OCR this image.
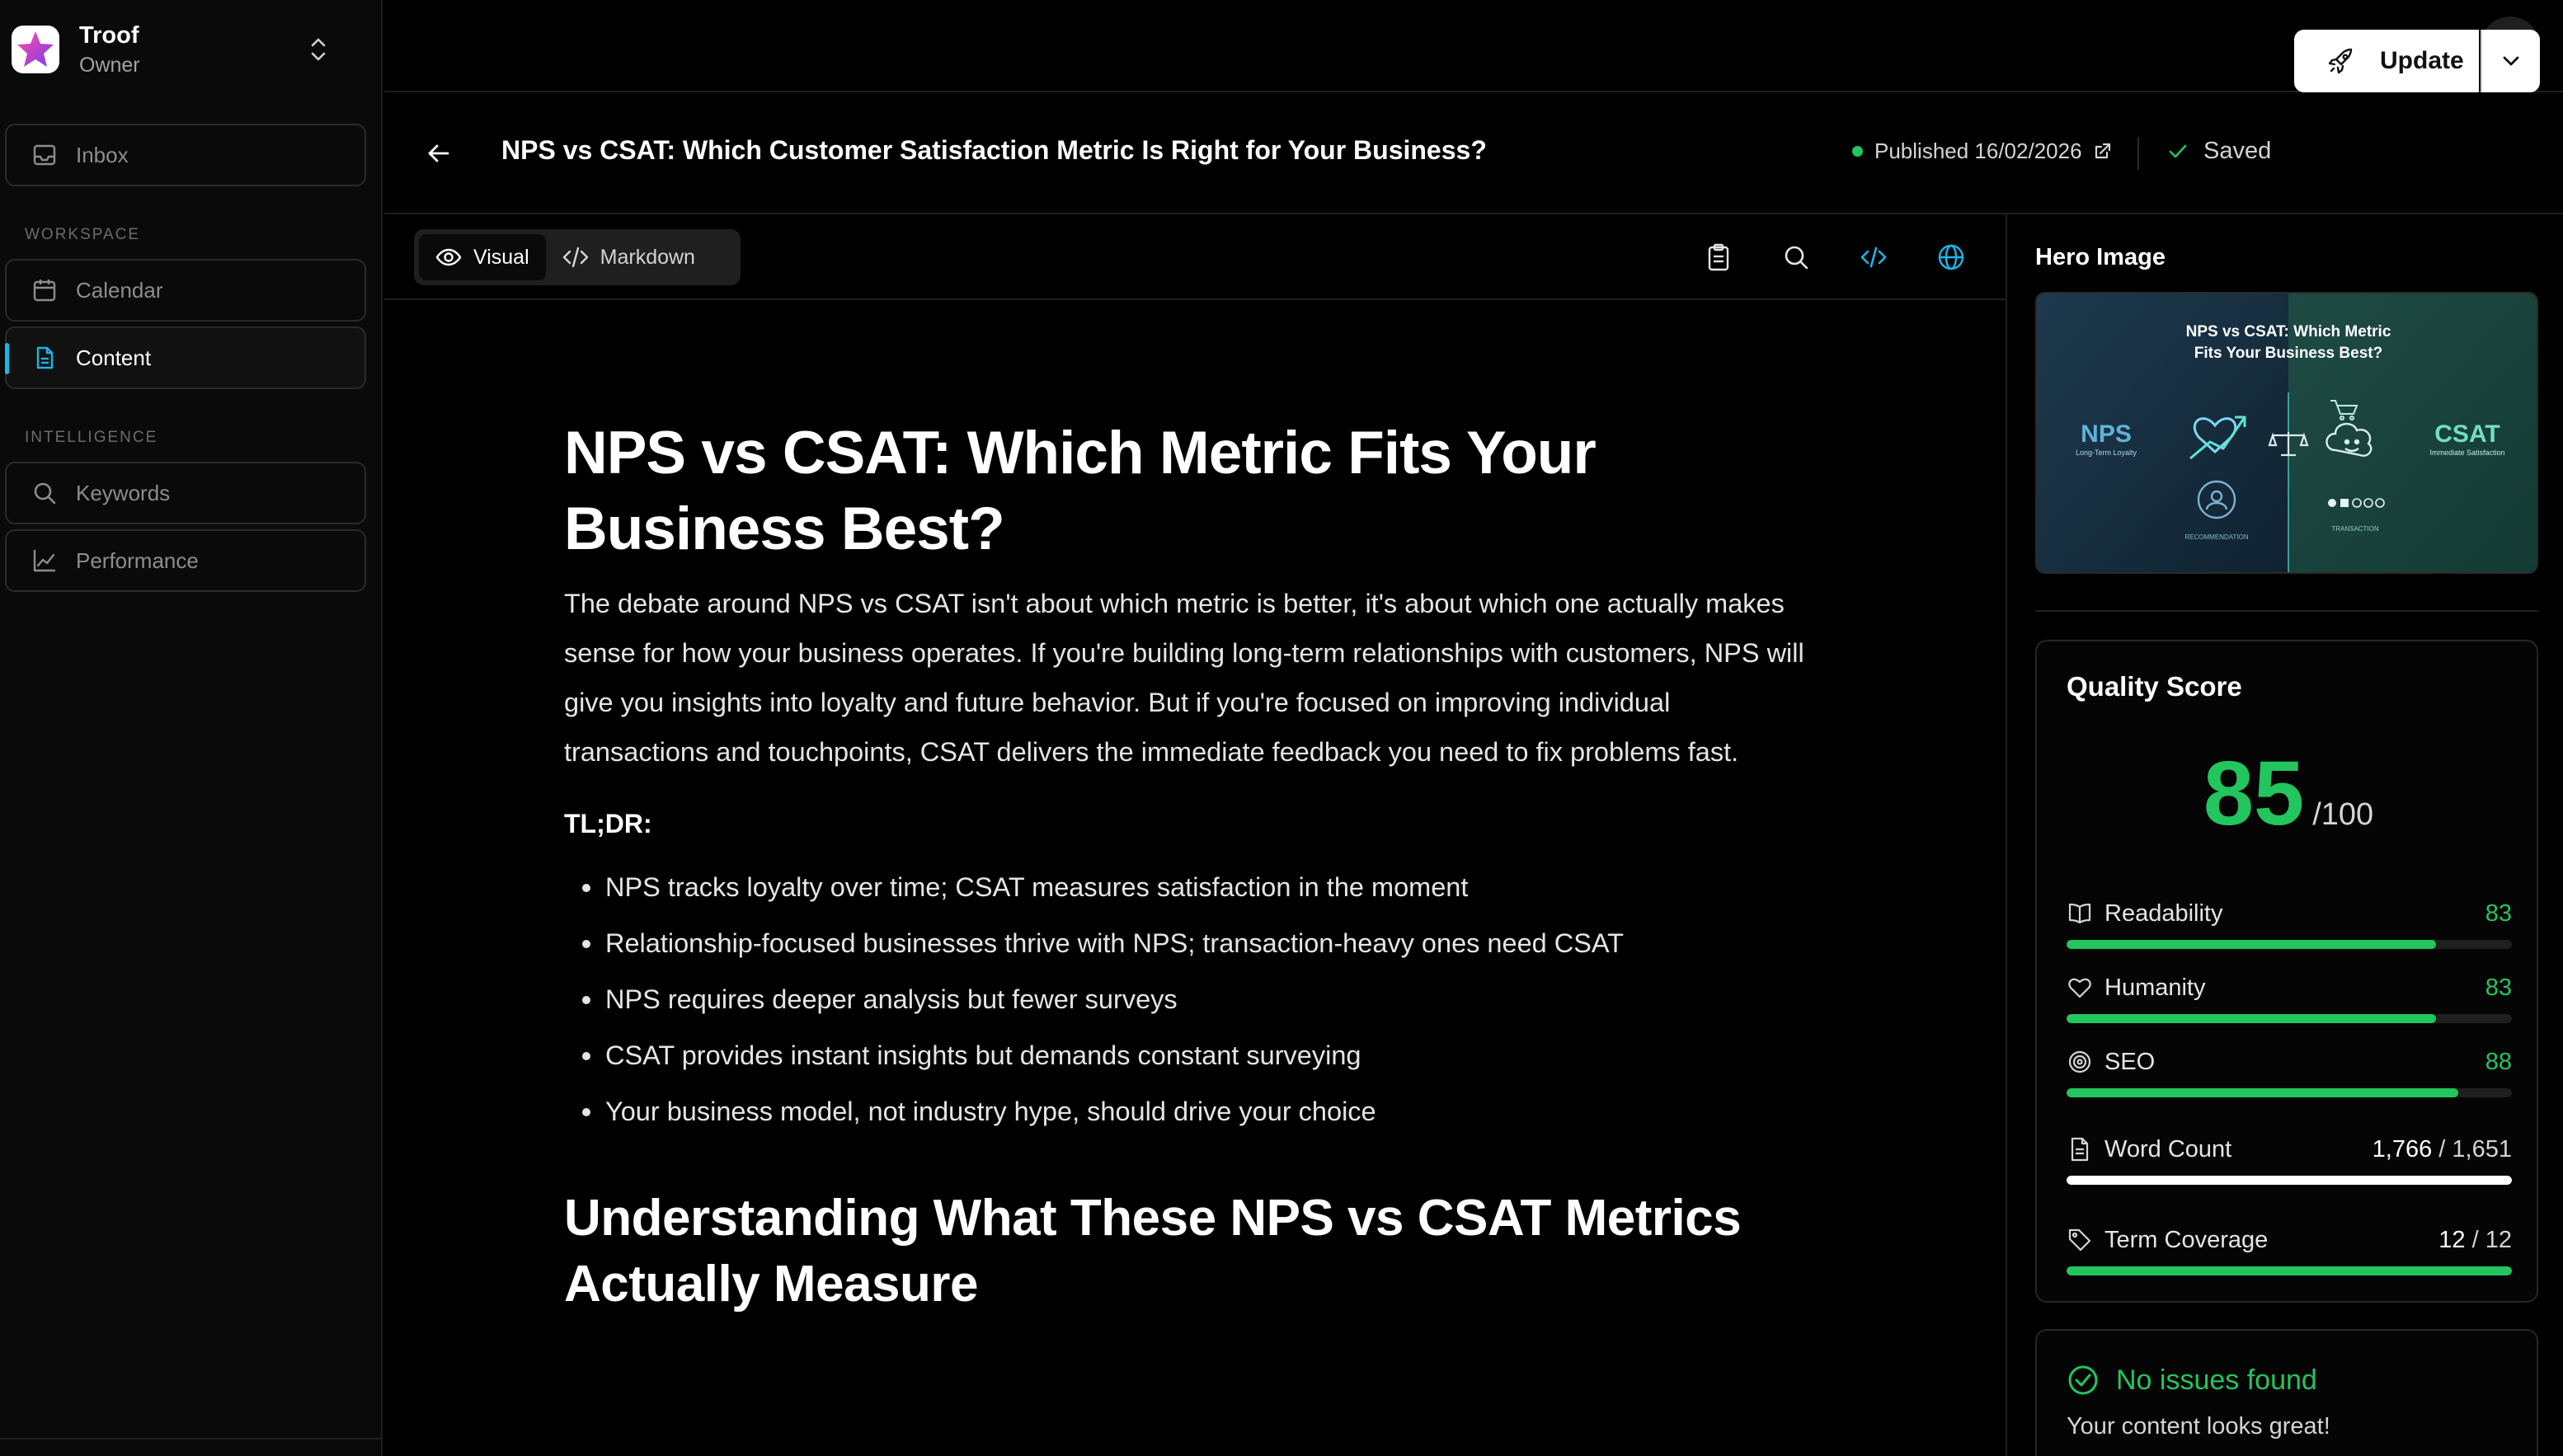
Troof
Owner
Inbox
WORKSPACE
Calendar
Content
INTELLIGENCE
Keywords
Performance
NPS vs CSAT: Which Customer Satisfaction Metric Is Right for Your Business?	Published 16/02/2026	Saved
Update
Visual	Markdown
NPS vs CSAT: Which Metric Fits Your Business Best?

The debate around NPS vs CSAT isn't about which metric is better, it's about which one actually makes sense for how your business operates. If you're building long-term relationships with customers, NPS will give you insights into loyalty and future behavior. But if you're focused on improving individual transactions and touchpoints, CSAT delivers the immediate feedback you need to fix problems fast.

TL;DR:

NPS tracks loyalty over time; CSAT measures satisfaction in the moment
Relationship-focused businesses thrive with NPS; transaction-heavy ones need CSAT
NPS requires deeper analysis but fewer surveys
CSAT provides instant insights but demands constant surveying
Your business model, not industry hype, should drive your choice
Understanding What These NPS vs CSAT Metrics Actually Measure
Hero Image
NPS vs CSAT: Which Metric
Fits Your Business Best?
NPS
Long-Term Loyalty
CSAT
Immediate Satisfaction
RECOMMENDATION
TRANSACTION
Quality Score
85 /100
Readability	83
Humanity	83
SEO	88
Word Count	1,766 / 1,651
Term Coverage	12 / 12
No issues found
Your content looks great!
